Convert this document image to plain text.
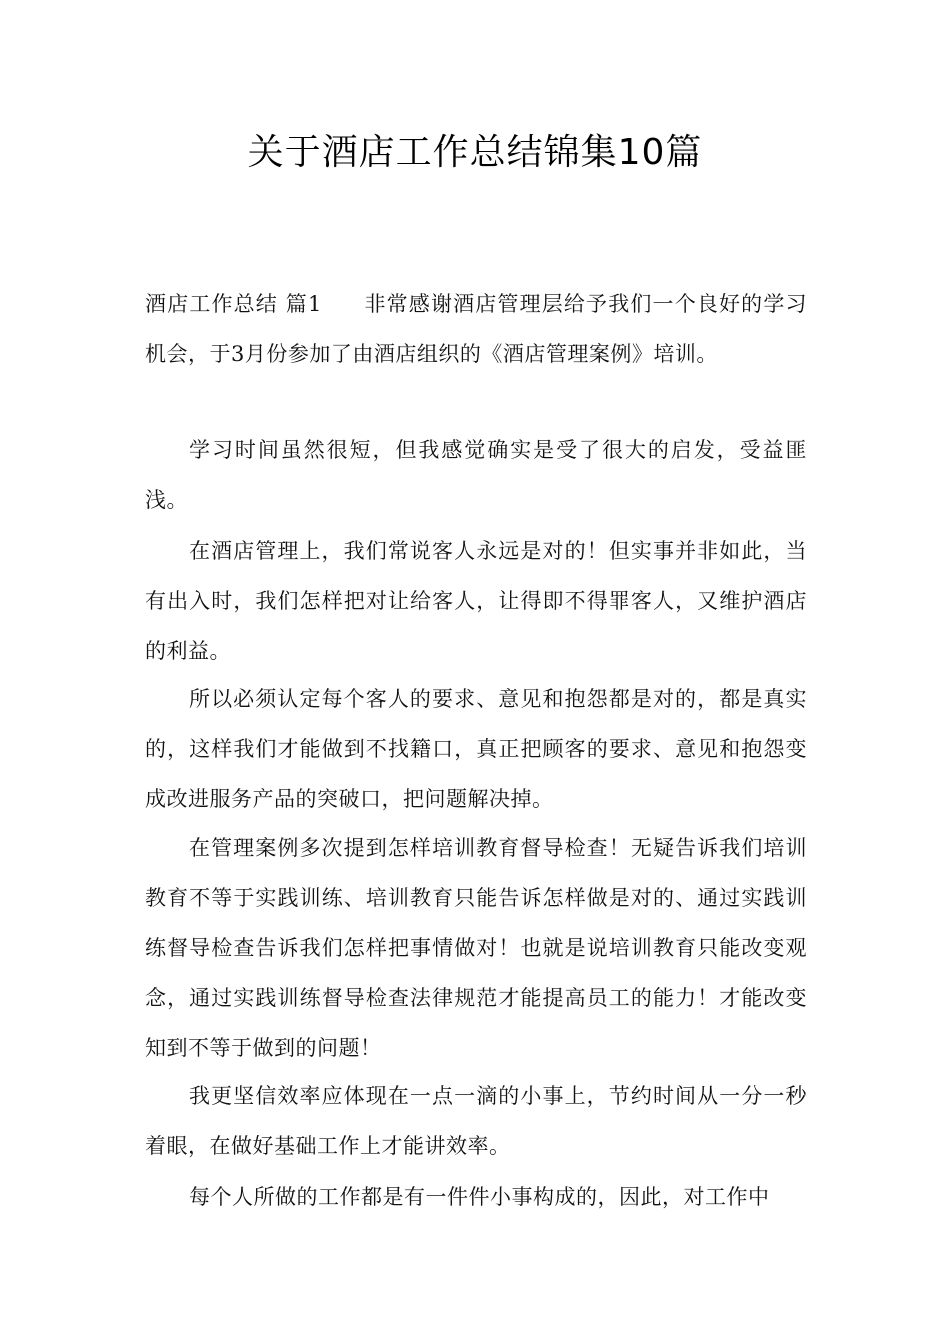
关于酒店工作总结锦集10篇

酒店工作总结 篇1 非常感谢酒店管理层给予我们一个良好的学习机会，于3月份参加了由酒店组织的《酒店管理案例》培训。

学习时间虽然很短，但我感觉确实是受了很大的启发，受益匪浅。

在酒店管理上，我们常说客人永远是对的！但实事并非如此，当有出入时，我们怎样把对让给客人，让得即不得罪客人，又维护酒店的利益。

所以必须认定每个客人的要求、意见和抱怨都是对的，都是真实的，这样我们才能做到不找籍口，真正把顾客的要求、意见和抱怨变成改进服务产品的突破口，把问题解决掉。

在管理案例多次提到怎样培训教育督导检查！无疑告诉我们培训教育不等于实践训练、培训教育只能告诉怎样做是对的、通过实践训练督导检查告诉我们怎样把事情做对！也就是说培训教育只能改变观念，通过实践训练督导检查法律规范才能提高员工的能力！才能改变知到不等于做到的问题！

我更坚信效率应体现在一点一滴的小事上，节约时间从一分一秒着眼，在做好基础工作上才能讲效率。

每个人所做的工作都是有一件件小事构成的，因此，对工作中
